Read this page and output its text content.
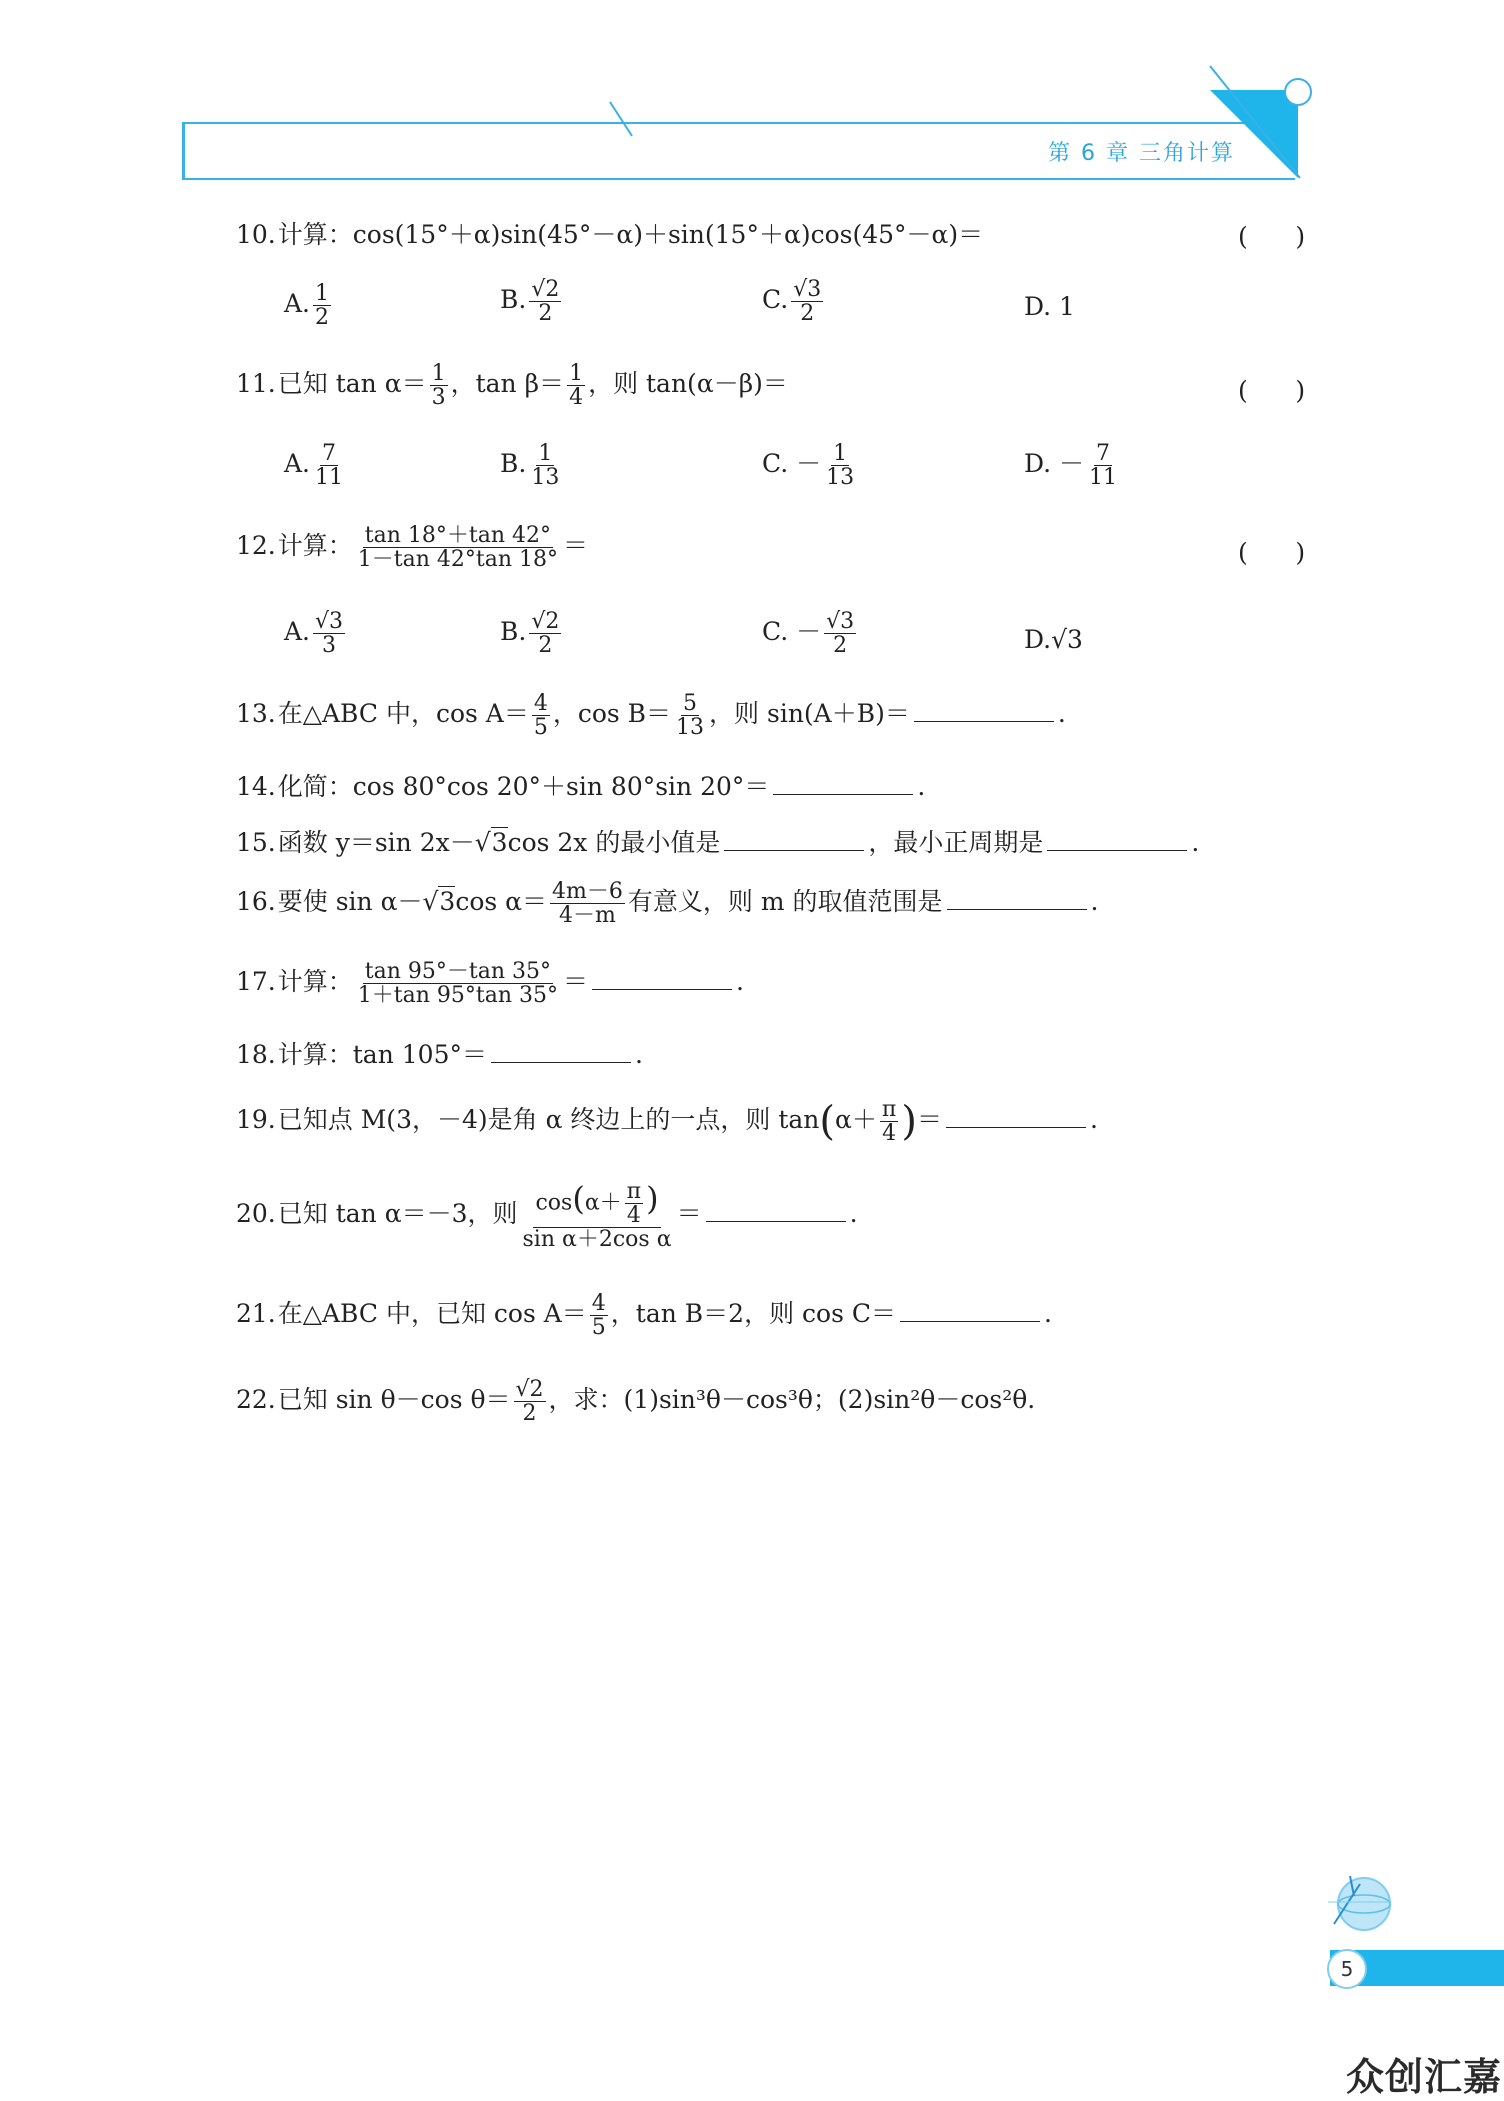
第 6 章 三角计算
10.计算：cos(15°＋α)sin(45°－α)＋sin(15°＋α)cos(45°－α)＝	(      )
A. $\frac{1}{2}$	B. $\frac{√2}{2}$	C. $\frac{√3}{2}$	D. 1
11.已知 $\tan \alpha= \frac{1}{3}$ ，$\tan \beta= \frac{1}{4}$ ，则 tan(α－β)＝	(      )
A. $\frac{7}{11}$	B. $\frac{1}{13}$	C. － $\frac{1}{13}$	D. － $\frac{7}{11}$
12.计算： $\frac{\tan 18^\circ+\tan 42^\circ}{1-\tan 42^\circ\tan 18^\circ}$ ＝	(      )
A. $\frac{√3}{3}$	B. $\frac{√2}{2}$	C. － $\frac{√3}{2}$	D.√3
13.在△ABC 中，$\cos A= \frac{4}{5}$ ，$\cos B= \frac{5}{13}$ ，则 sin(A＋B)＝	.
14.化简：cos 80°cos 20°＋sin 80°sin 20°＝	.
15.函数 y＝sin 2x－√3cos 2x 的最小值是	，最小正周期是	.
16.要使 sin α－√3cos $\alpha= \frac{4m-6}{4-m}$ 有意义，则 m 的取值范围是	.
17.计算： $\frac{\tan 95^\circ-\tan 35^\circ}{1+\tan 95^\circ\tan 35^\circ}$ ＝	.
18.计算：tan 105°＝	.
19.已知点 M(3，－4)是角 α 终边上的一点，则 $\tan(\alpha+ \frac{\pi}{4}$ )＝	.
20.已知 tan α＝－3，则 $\frac{\cos(\alpha+ \frac{\pi}{4} )}{\text{sin α＋2cos α}}$ ＝	.
21.在△ABC 中，已知 $\cos A= \frac{4}{5}$ ，tan B＝2，则 cos C＝	.
22.已知 sin θ－cos $\theta= \frac{√2}{2}$ ，求：(1)sin³θ－cos³θ；(2)sin²θ－cos²θ.
5
众创汇嘉
